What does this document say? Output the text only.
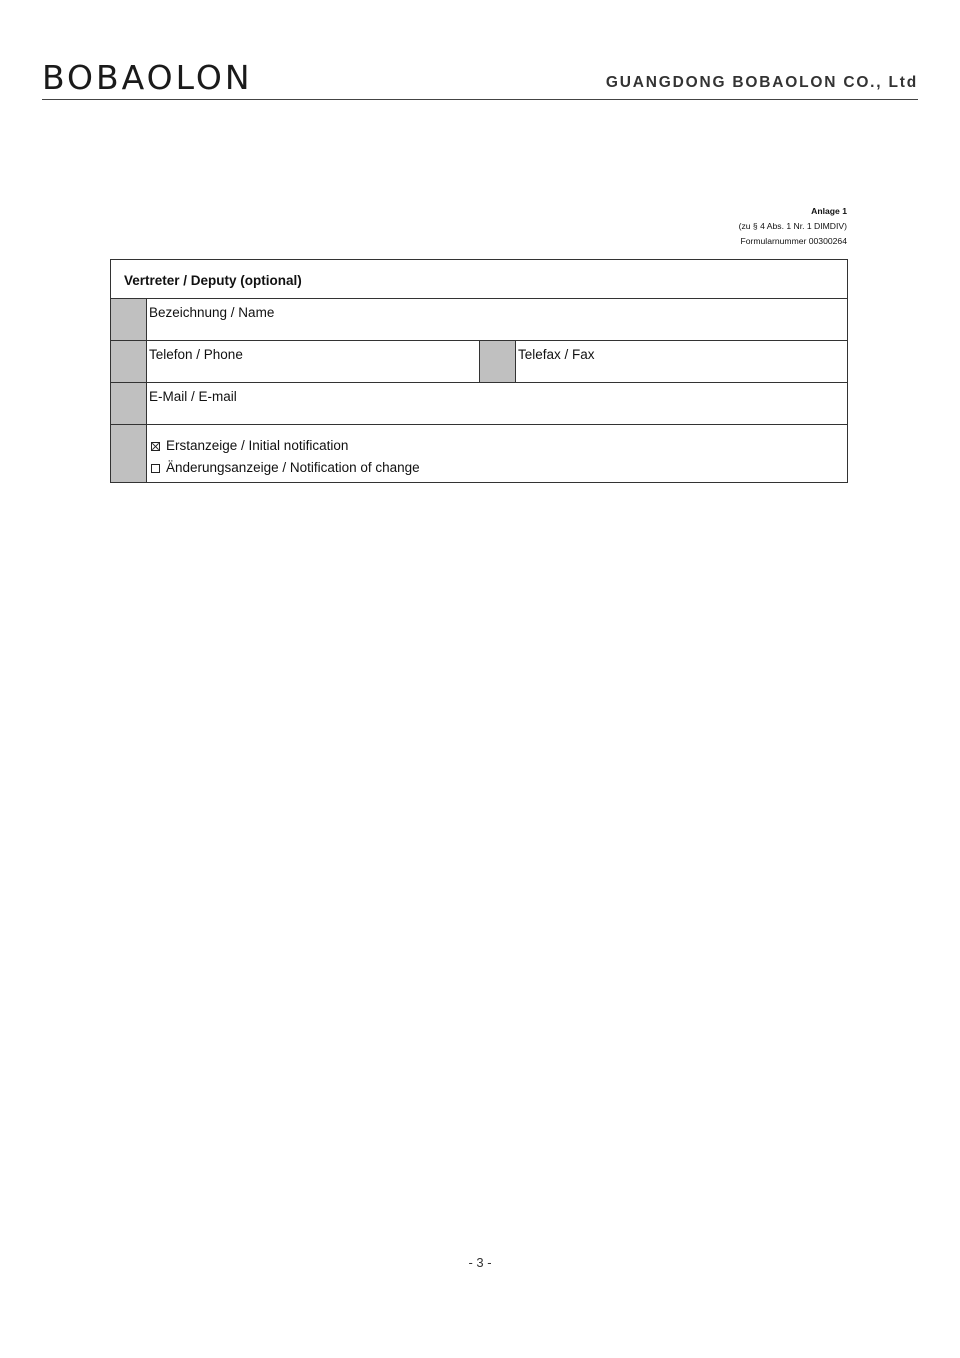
BOBAOLON	GUANGDONG BOBAOLON CO., Ltd
Anlage 1
(zu § 4 Abs. 1 Nr. 1 DIMDIV)
Formularnummer 00300264
Vertreter / Deputy (optional)
Bezeichnung / Name
Telefon / Phone	Telefax / Fax
E-Mail / E-mail
Erstanzeige / Initial notification
Änderungsanzeige / Notification of change
- 3 -
